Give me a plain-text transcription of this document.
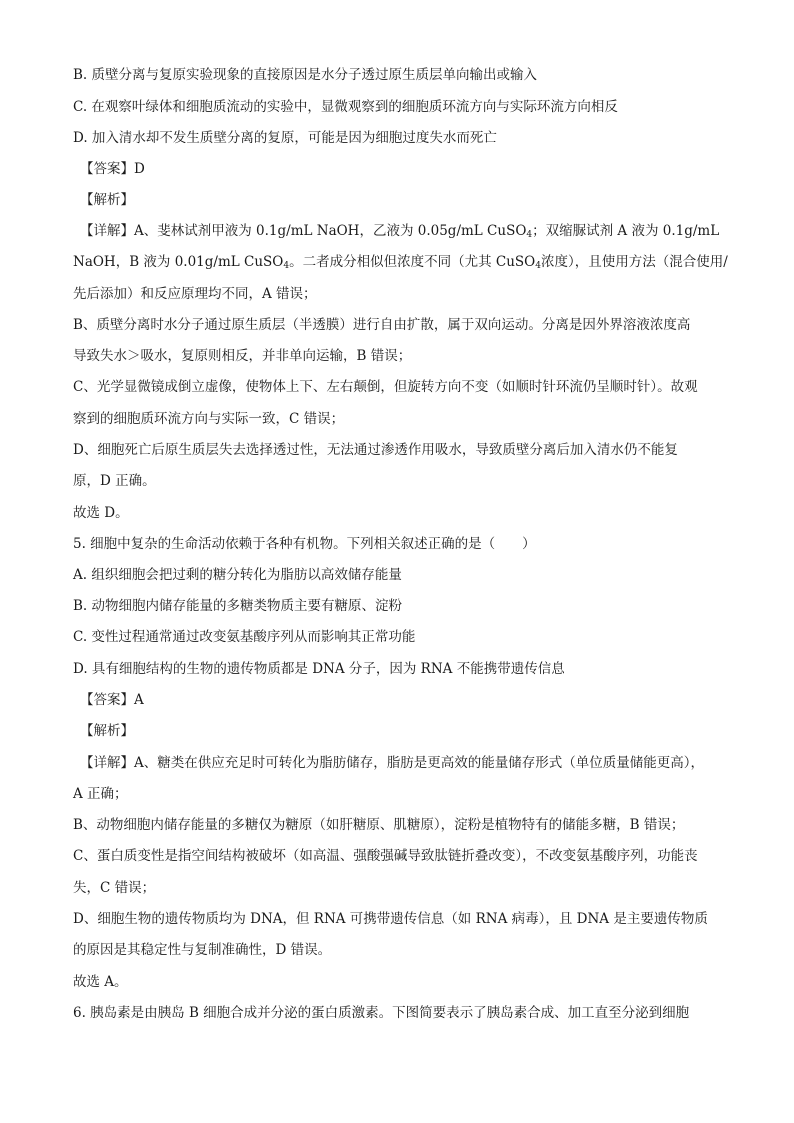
B. 质壁分离与复原实验现象的直接原因是水分子透过原生质层单向输出或输入
C. 在观察叶绿体和细胞质流动的实验中，显微观察到的细胞质环流方向与实际环流方向相反
D. 加入清水却不发生质壁分离的复原，可能是因为细胞过度失水而死亡
【答案】D
【解析】
【详解】A、斐林试剂甲液为 0.1g/mL NaOH，乙液为 0.05g/mL CuSO$_4$；双缩脲试剂 A 液为 0.1g/mL
NaOH，B 液为 0.01g/mL CuSO$_4$。二者成分相似但浓度不同（尤其 CuSO$_4$浓度），且使用方法（混合使用/
先后添加）和反应原理均不同，A 错误；
B、质壁分离时水分子通过原生质层（半透膜）进行自由扩散，属于双向运动。分离是因外界溶液浓度高
导致失水＞吸水，复原则相反，并非单向运输，B 错误；
C、光学显微镜成倒立虚像，使物体上下、左右颠倒，但旋转方向不变（如顺时针环流仍呈顺时针）。故观
察到的细胞质环流方向与实际一致，C 错误；
D、细胞死亡后原生质层失去选择透过性，无法通过渗透作用吸水，导致质壁分离后加入清水仍不能复
原，D 正确。
故选 D。
5. 细胞中复杂的生命活动依赖于各种有机物。下列相关叙述正确的是（　　）
A. 组织细胞会把过剩的糖分转化为脂肪以高效储存能量
B. 动物细胞内储存能量的多糖类物质主要有糖原、淀粉
C. 变性过程通常通过改变氨基酸序列从而影响其正常功能
D. 具有细胞结构的生物的遗传物质都是 DNA 分子，因为 RNA 不能携带遗传信息
【答案】A
【解析】
【详解】A、糖类在供应充足时可转化为脂肪储存，脂肪是更高效的能量储存形式（单位质量储能更高），
A 正确；
B、动物细胞内储存能量的多糖仅为糖原（如肝糖原、肌糖原），淀粉是植物特有的储能多糖，B 错误；
C、蛋白质变性是指空间结构被破坏（如高温、强酸强碱导致肽链折叠改变），不改变氨基酸序列，功能丧
失，C 错误；
D、细胞生物的遗传物质均为 DNA，但 RNA 可携带遗传信息（如 RNA 病毒），且 DNA 是主要遗传物质
的原因是其稳定性与复制准确性，D 错误。
故选 A。
6. 胰岛素是由胰岛 B 细胞合成并分泌的蛋白质激素。下图简要表示了胰岛素合成、加工直至分泌到细胞
